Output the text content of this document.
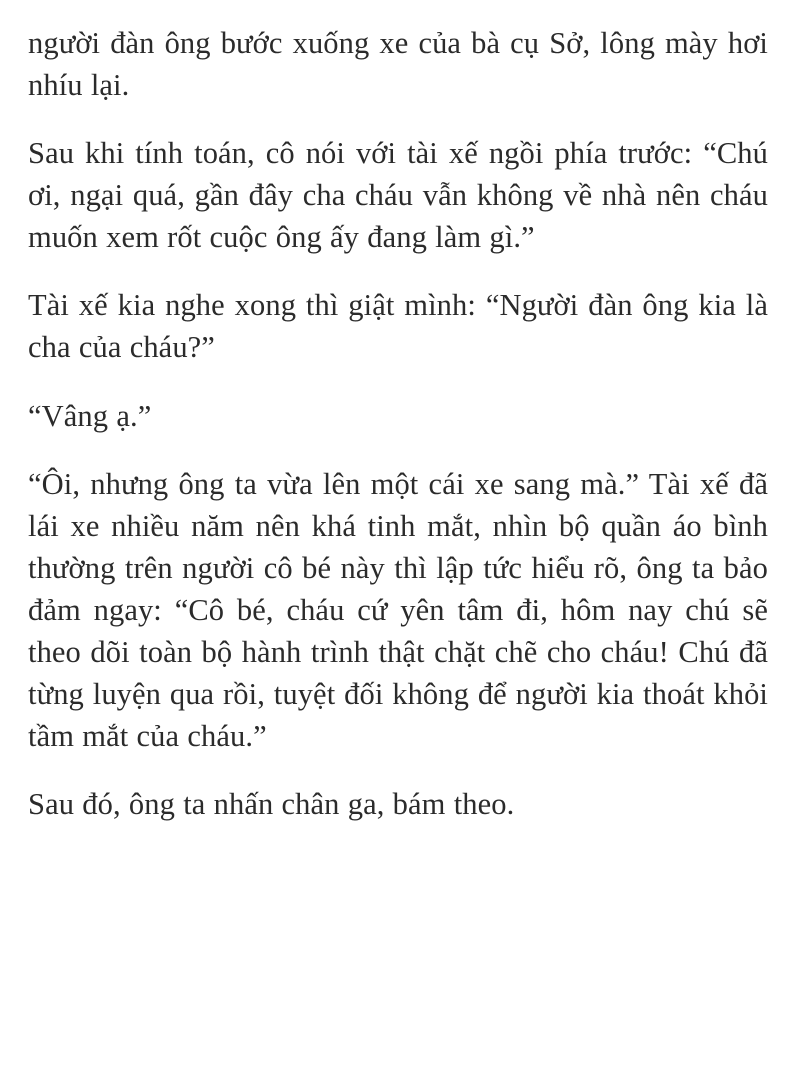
người đàn ông bước xuống xe của bà cụ Sở, lông mày hơi nhíu lại.

Sau khi tính toán, cô nói với tài xế ngồi phía trước: “Chú ơi, ngại quá, gần đây cha cháu vẫn không về nhà nên cháu muốn xem rốt cuộc ông ấy đang làm gì.”

Tài xế kia nghe xong thì giật mình: “Người đàn ông kia là cha của cháu?”

“Vâng ạ.”

“Ôi, nhưng ông ta vừa lên một cái xe sang mà.” Tài xế đã lái xe nhiều năm nên khá tinh mắt, nhìn bộ quần áo bình thường trên người cô bé này thì lập tức hiểu rõ, ông ta bảo đảm ngay: “Cô bé, cháu cứ yên tâm đi, hôm nay chú sẽ theo dõi toàn bộ hành trình thật chặt chẽ cho cháu! Chú đã từng luyện qua rồi, tuyệt đối không để người kia thoát khỏi tầm mắt của cháu.”

Sau đó, ông ta nhấn chân ga, bám theo.
